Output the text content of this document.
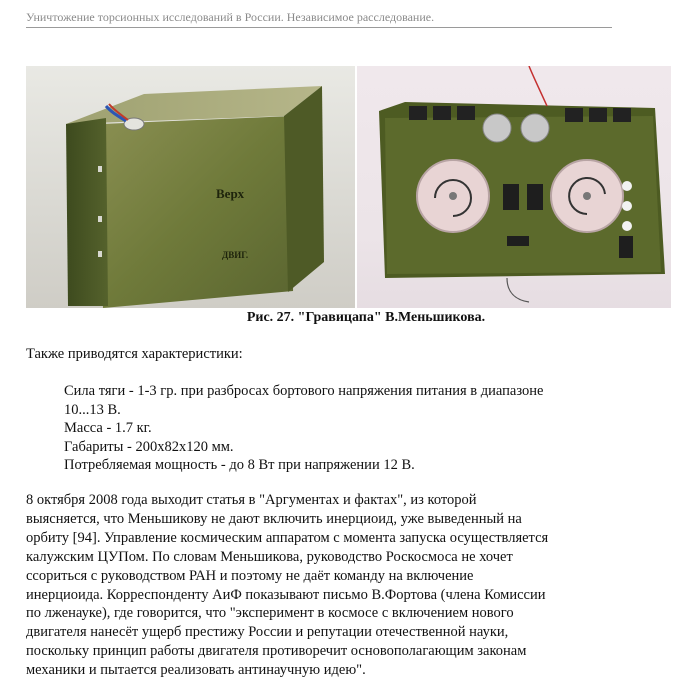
Уничтожение торсионных исследований в России. Независимое расследование.
Верх
ДВИГ.
Рис. 27. "Гравицапа" В.Меньшикова.
Также приводятся характеристики:
Сила тяги - 1-3 гр. при разбросах бортового напряжения питания в диапазоне
10...13 В.
Масса - 1.7 кг.
Габариты - 200x82x120 мм.
Потребляемая мощность - до 8 Вт при напряжении 12 В.
8 октября 2008 года выходит статья в "Аргументах и фактах", из которой
выясняется, что Меньшикову не дают включить инерциоид, уже выведенный на
орбиту [94]. Управление космическим аппаратом с момента запуска осуществляется
калужским ЦУПом. По словам Меньшикова, руководство Роскосмоса не хочет
ссориться с руководством РАН и поэтому не даёт команду на включение
инерциоида. Корреспонденту АиФ показывают письмо В.Фортова (члена Комиссии
по лженауке), где говорится, что "эксперимент в космосе с включением нового
двигателя нанесёт ущерб престижу России и репутации отечественной науки,
поскольку принцип работы двигателя противоречит основополагающим законам
механики и пытается реализовать антинаучную идею".
